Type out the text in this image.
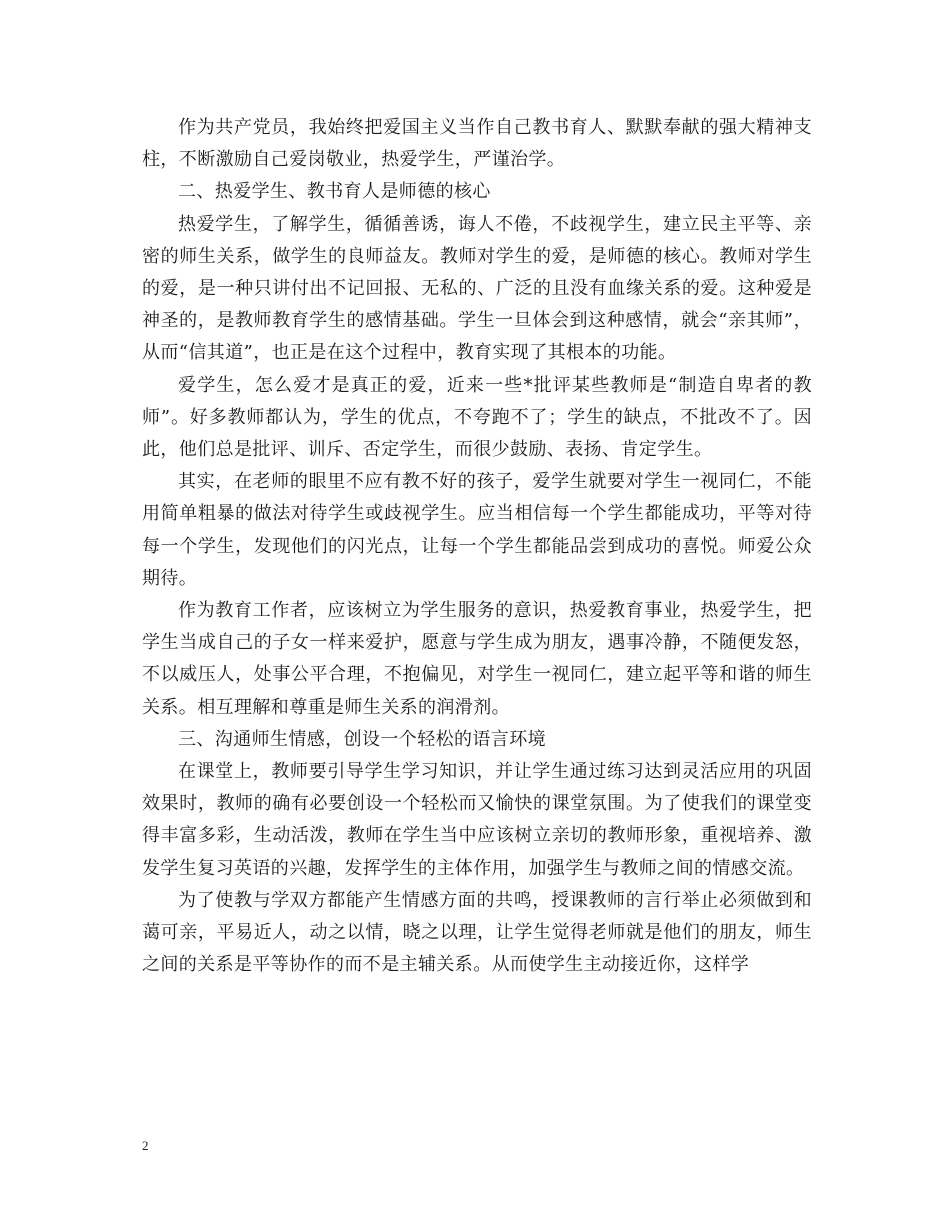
作为共产党员，我始终把爱国主义当作自己教书育人、默默奉献的强大精神支柱，不断激励自己爱岗敬业，热爱学生，严谨治学。

二、热爱学生、教书育人是师德的核心

热爱学生，了解学生，循循善诱，诲人不倦，不歧视学生，建立民主平等、亲密的师生关系，做学生的良师益友。教师对学生的爱，是师德的核心。教师对学生的爱，是一种只讲付出不记回报、无私的、广泛的且没有血缘关系的爱。这种爱是神圣的，是教师教育学生的感情基础。学生一旦体会到这种感情，就会“亲其师”，从而“信其道”，也正是在这个过程中，教育实现了其根本的功能。

爱学生，怎么爱才是真正的爱，近来一些*批评某些教师是“制造自卑者的教师”。好多教师都认为，学生的优点，不夸跑不了；学生的缺点，不批改不了。因此，他们总是批评、训斥、否定学生，而很少鼓励、表扬、肯定学生。

其实，在老师的眼里不应有教不好的孩子，爱学生就要对学生一视同仁，不能用简单粗暴的做法对待学生或歧视学生。应当相信每一个学生都能成功，平等对待每一个学生，发现他们的闪光点，让每一个学生都能品尝到成功的喜悦。师爱公众期待。

作为教育工作者，应该树立为学生服务的意识，热爱教育事业，热爱学生，把学生当成自己的子女一样来爱护，愿意与学生成为朋友，遇事冷静，不随便发怒，不以威压人，处事公平合理，不抱偏见，对学生一视同仁，建立起平等和谐的师生关系。相互理解和尊重是师生关系的润滑剂。

三、沟通师生情感，创设一个轻松的语言环境

在课堂上，教师要引导学生学习知识，并让学生通过练习达到灵活应用的巩固效果时，教师的确有必要创设一个轻松而又愉快的课堂氛围。为了使我们的课堂变得丰富多彩，生动活泼，教师在学生当中应该树立亲切的教师形象，重视培养、激发学生复习英语的兴趣，发挥学生的主体作用，加强学生与教师之间的情感交流。

为了使教与学双方都能产生情感方面的共鸣，授课教师的言行举止必须做到和蔼可亲，平易近人，动之以情，晓之以理，让学生觉得老师就是他们的朋友，师生之间的关系是平等协作的而不是主辅关系。从而使学生主动接近你，这样学

2
